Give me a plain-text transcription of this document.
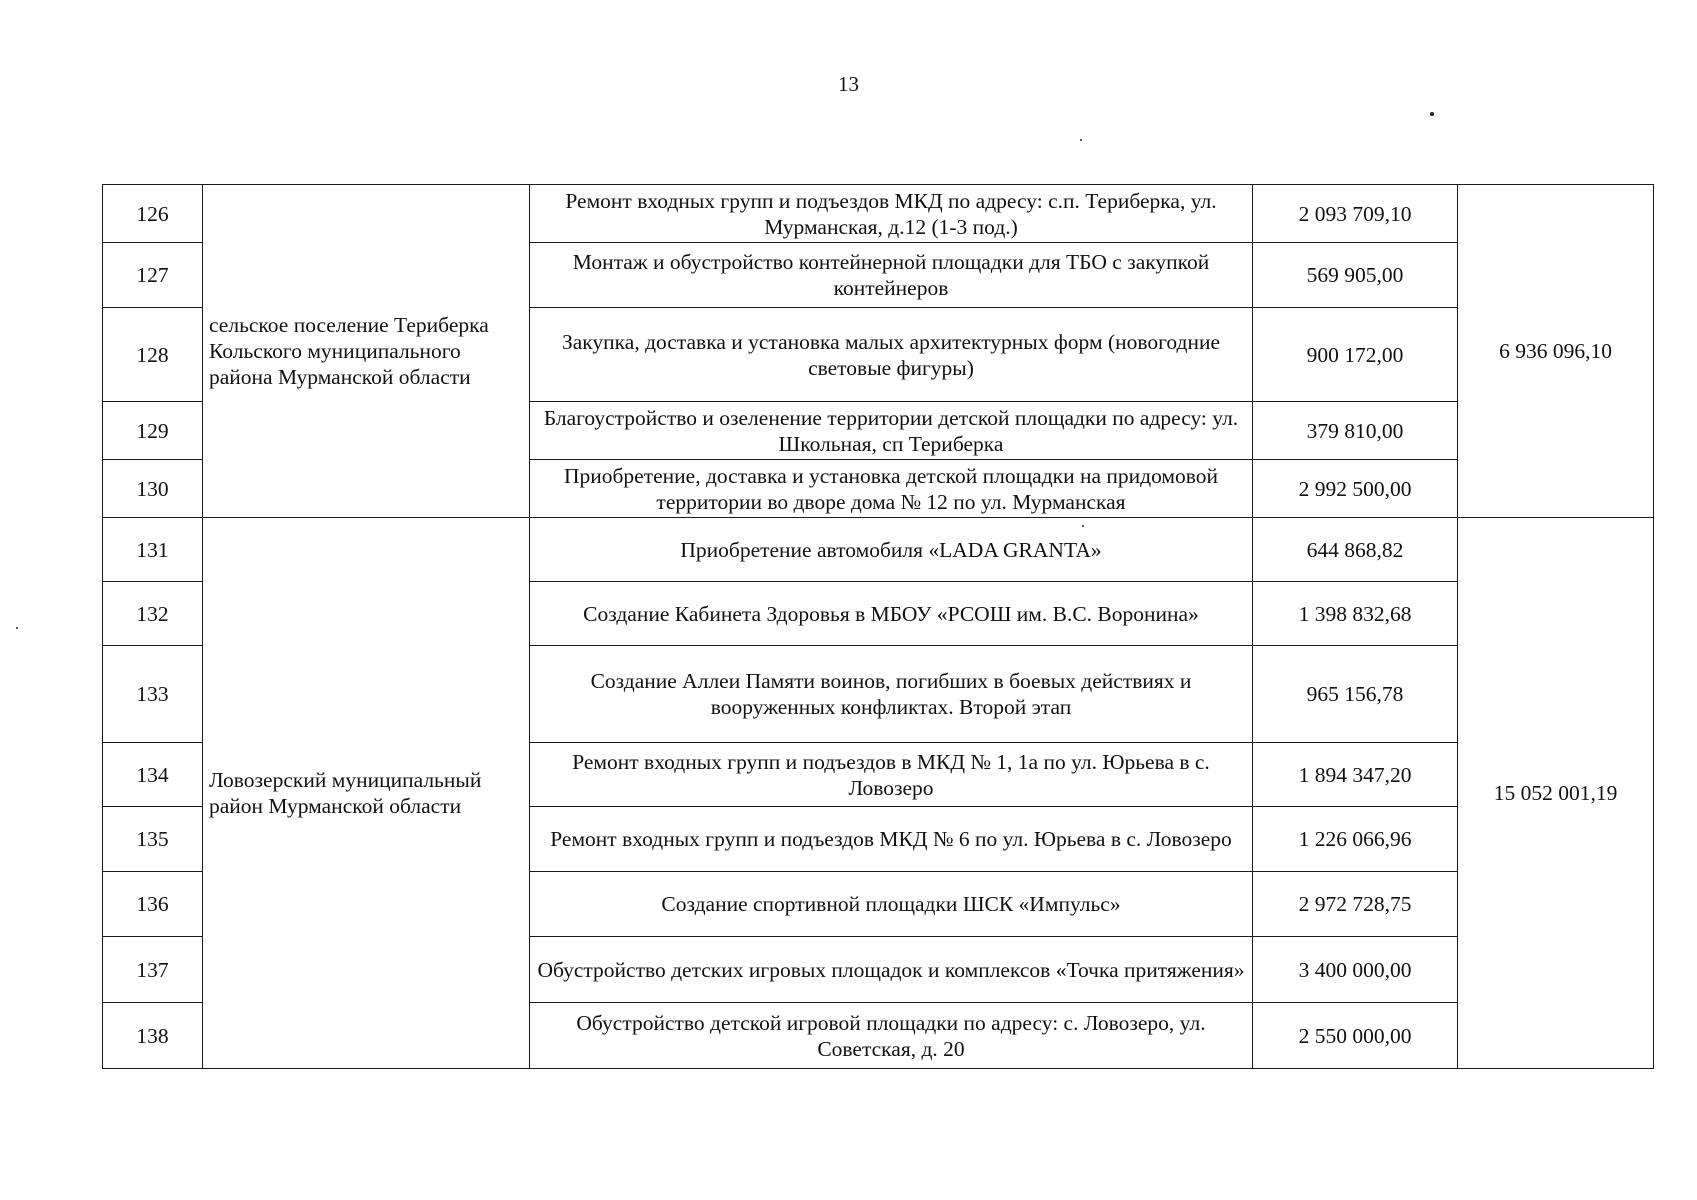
13
126	сельское поселение Териберка Кольского муниципального района Мурманской области	Ремонт входных групп и подъездов МКД по адресу: с.п. Териберка, ул. Мурманская, д.12 (1-3 под.)	2 093 709,10	6 936 096,10
127		Монтаж и обустройство контейнерной площадки для ТБО с закупкой контейнеров	569 905,00	
128		Закупка, доставка и установка малых архитектурных форм (новогодние световые фигуры)	900 172,00	
129		Благоустройство и озеленение территории детской площадки по адресу: ул. Школьная, сп Териберка	379 810,00	
130		Приобретение, доставка и установка детской площадки на придомовой территории во дворе дома № 12 по ул. Мурманская	2 992 500,00	
131	Ловозерский муниципальный район Мурманской области	Приобретение автомобиля «LADA GRANTA»	644 868,82	15 052 001,19
132		Создание Кабинета Здоровья в МБОУ «РСОШ им. В.С. Воронина»	1 398 832,68	
133		Создание Аллеи Памяти воинов, погибших в боевых действиях и вооруженных конфликтах. Второй этап	965 156,78	
134		Ремонт входных групп и подъездов в МКД № 1, 1а по ул. Юрьева в с. Ловозеро	1 894 347,20	
135		Ремонт входных групп и подъездов МКД № 6 по ул. Юрьева в с. Ловозеро	1 226 066,96	
136		Создание спортивной площадки ШСК «Импульс»	2 972 728,75	
137		Обустройство детских игровых площадок и комплексов «Точка притяжения»	3 400 000,00	
138		Обустройство детской игровой площадки по адресу: с. Ловозеро, ул. Советская, д. 20	2 550 000,00	
